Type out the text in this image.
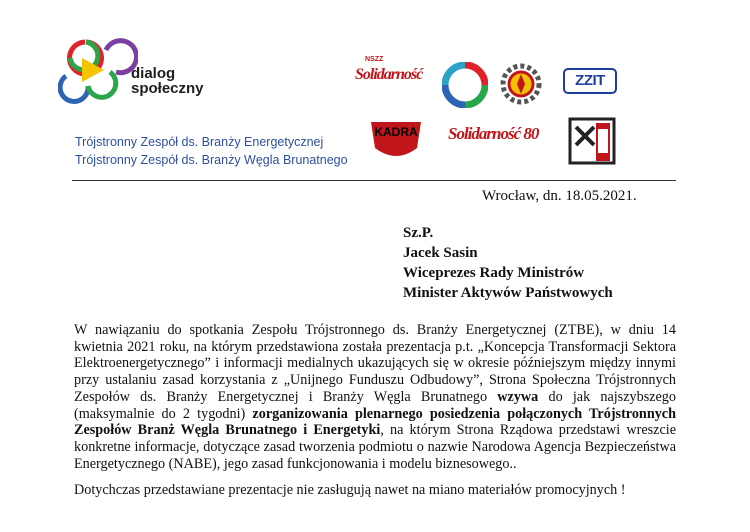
dialog
społeczny
Trójstronny Zespół ds. Branży Energetycznej
Trójstronny Zespół ds. Branży Węgla Brunatnego
NSZZ
Solidarność	ZZIT
KADRA Solidarność 80
Wrocław, dn. 18.05.2021.
Sz.P.
Jacek Sasin
Wiceprezes Rady Ministrów
Minister Aktywów Państwowych

W nawiązaniu do spotkania Zespołu Trójstronnego ds. Branży Energetycznej (ZTBE), w dniu 14 kwietnia 2021 roku, na którym przedstawiona została prezentacja p.t. „Koncepcja Transformacji Sektora Elektroenergetycznego” i informacji medialnych ukazujących się w okresie późniejszym między innymi przy ustalaniu zasad korzystania z „Unijnego Funduszu Odbudowy”, Strona Społeczna Trójstronnych Zespołów ds. Branży Energetycznej i Branży Węgla Brunatnego wzywa do jak najszybszego (maksymalnie do 2 tygodni) zorganizowania plenarnego posiedzenia połączonych Trójstronnych Zespołów Branż Węgla Brunatnego i Energetyki, na którym Strona Rządowa przedstawi wreszcie konkretne informacje, dotyczące zasad tworzenia podmiotu o nazwie Narodowa Agencja Bezpieczeństwa Energetycznego (NABE), jego zasad funkcjonowania i modelu biznesowego..

Dotychczas przedstawiane prezentacje nie zasługują nawet na miano materiałów promocyjnych !
